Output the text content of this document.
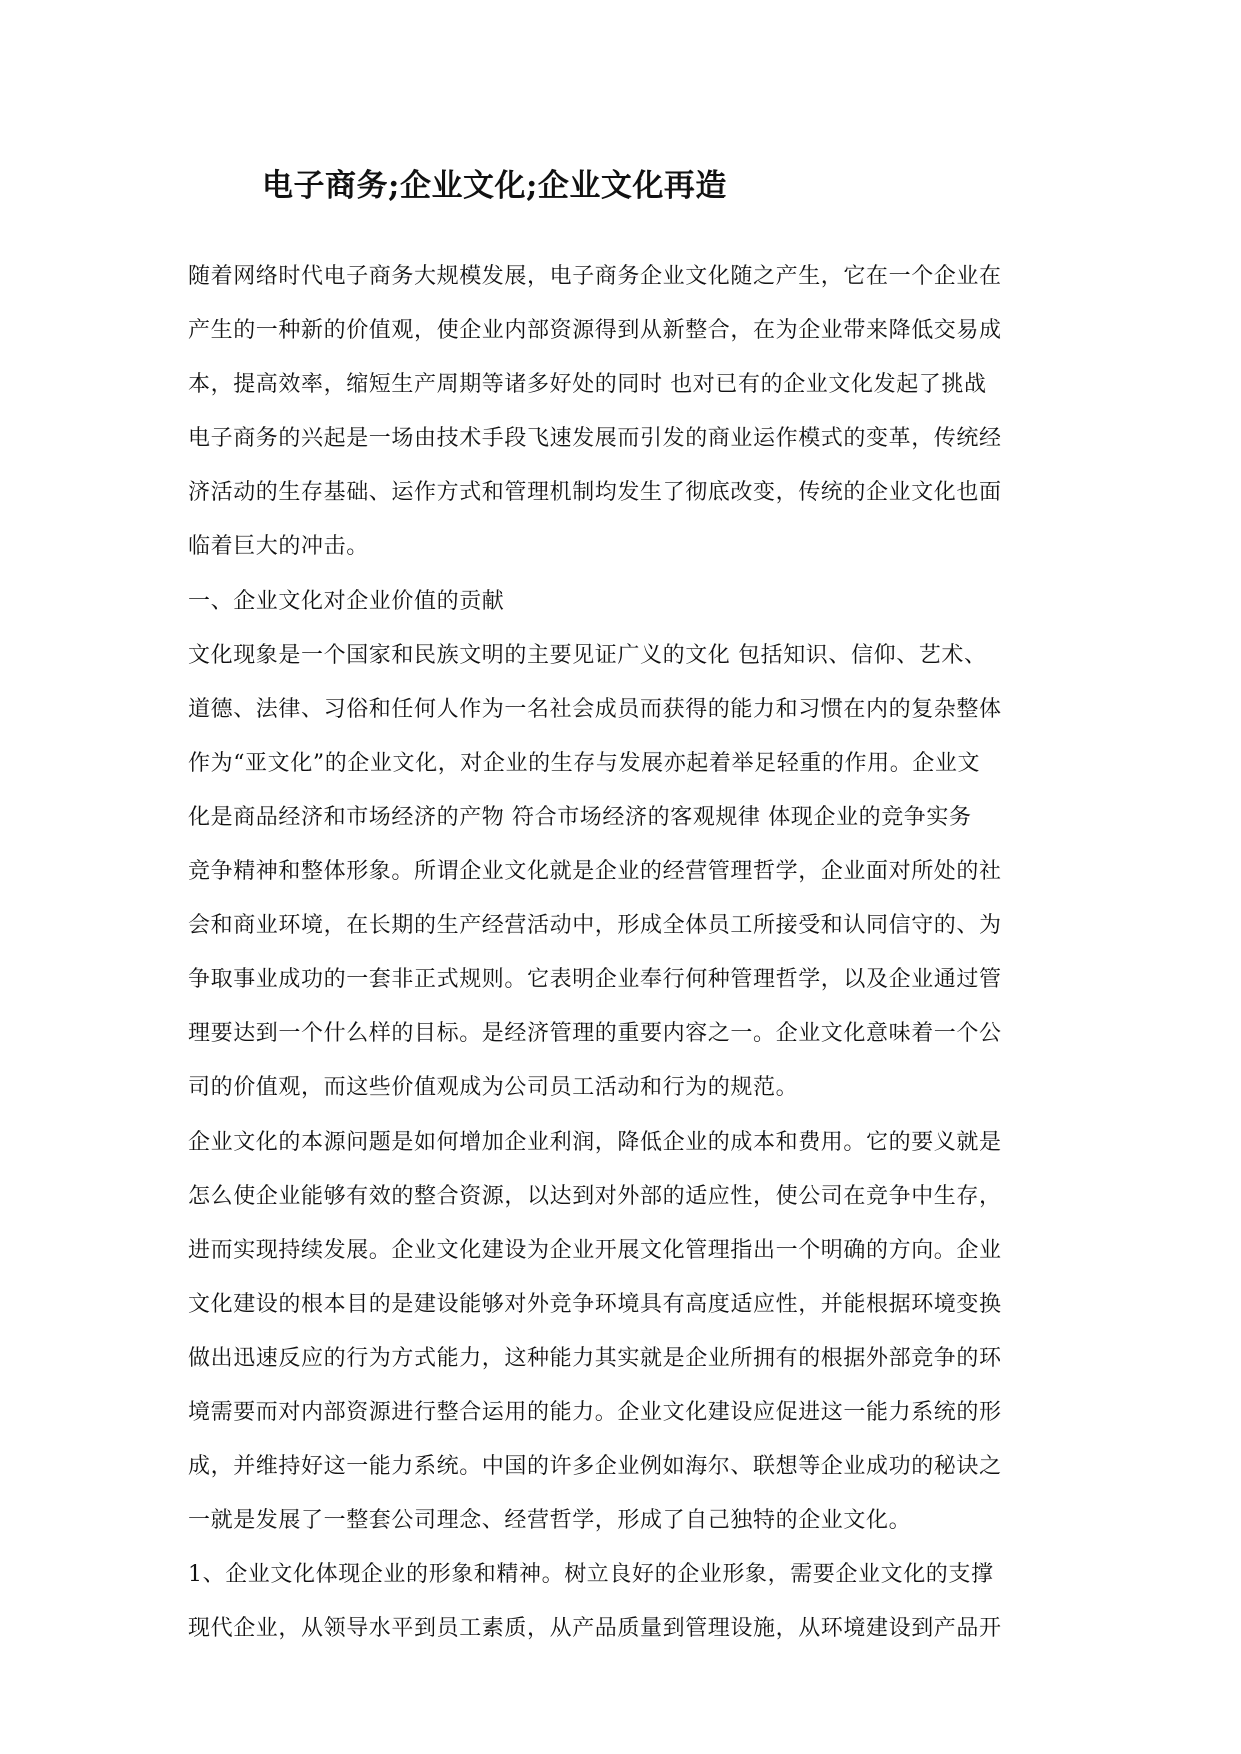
电子商务;企业文化;企业文化再造
随着网络时代电子商务大规模发展，电子商务企业文化随之产生，它在一个企业在
产生的一种新的价值观，使企业内部资源得到从新整合，在为企业带来降低交易成
本，提高效率，缩短生产周期等诸多好处的同时 也对已有的企业文化发起了挑战
电子商务的兴起是一场由技术手段飞速发展而引发的商业运作模式的变革，传统经
济活动的生存基础、运作方式和管理机制均发生了彻底改变，传统的企业文化也面
临着巨大的冲击。
一、企业文化对企业价值的贡献
文化现象是一个国家和民族文明的主要见证广义的文化 包括知识、信仰、艺术、
道德、法律、习俗和任何人作为一名社会成员而获得的能力和习惯在内的复杂整体
作为“亚文化”的企业文化，对企业的生存与发展亦起着举足轻重的作用。企业文
化是商品经济和市场经济的产物 符合市场经济的客观规律 体现企业的竞争实务
竞争精神和整体形象。所谓企业文化就是企业的经营管理哲学，企业面对所处的社
会和商业环境，在长期的生产经营活动中，形成全体员工所接受和认同信守的、为
争取事业成功的一套非正式规则。它表明企业奉行何种管理哲学，以及企业通过管
理要达到一个什么样的目标。是经济管理的重要内容之一。企业文化意味着一个公
司的价值观，而这些价值观成为公司员工活动和行为的规范。
企业文化的本源问题是如何增加企业利润，降低企业的成本和费用。它的要义就是
怎么使企业能够有效的整合资源，以达到对外部的适应性，使公司在竞争中生存，
进而实现持续发展。企业文化建设为企业开展文化管理指出一个明确的方向。企业
文化建设的根本目的是建设能够对外竞争环境具有高度适应性，并能根据环境变换
做出迅速反应的行为方式能力，这种能力其实就是企业所拥有的根据外部竞争的环
境需要而对内部资源进行整合运用的能力。企业文化建设应促进这一能力系统的形
成，并维持好这一能力系统。中国的许多企业例如海尔、联想等企业成功的秘诀之
一就是发展了一整套公司理念、经营哲学，形成了自己独特的企业文化。
1、企业文化体现企业的形象和精神。树立良好的企业形象，需要企业文化的支撑
现代企业，从领导水平到员工素质，从产品质量到管理设施，从环境建设到产品开
